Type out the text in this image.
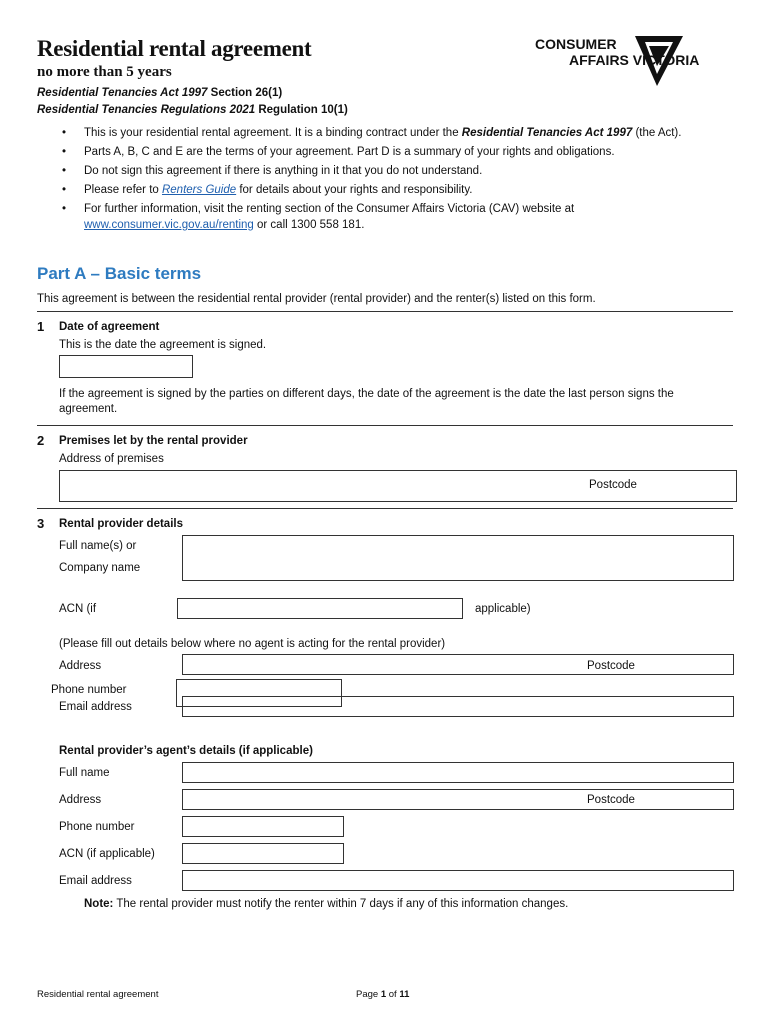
Residential rental agreement
no more than 5 years
Residential Tenancies Act 1997 Section 26(1)
Residential Tenancies Regulations 2021 Regulation 10(1)
CONSUMER
AFFAIRS VICTORIA
• This is your residential rental agreement. It is a binding contract under the Residential Tenancies Act 1997 (the Act).
• Parts A, B, C and E are the terms of your agreement. Part D is a summary of your rights and obligations.
• Do not sign this agreement if there is anything in it that you do not understand.
• Please refer to Renters Guide for details about your rights and responsibility.
• For further information, visit the renting section of the Consumer Affairs Victoria (CAV) website at
www.consumer.vic.gov.au/renting or call 1300 558 181.
Part A – Basic terms
This agreement is between the residential rental provider (rental provider) and the renter(s) listed on this form.
1 Date of agreement
This is the date the agreement is signed.
If the agreement is signed by the parties on different days, the date of the agreement is the date the last person signs the agreement.
2 Premises let by the rental provider
Address of premises
Postcode
3 Rental provider details
Full name(s) or
Company name
ACN (if	applicable)
(Please fill out details below where no agent is acting for the rental provider)
Address	Postcode
Phone number
Email address
Rental provider’s agent’s details (if applicable)
Full name
Address	Postcode
Phone number
ACN (if applicable)
Email address
Note: The rental provider must notify the renter within 7 days if any of this information changes.
Residential rental agreement	Page 1 of 11
